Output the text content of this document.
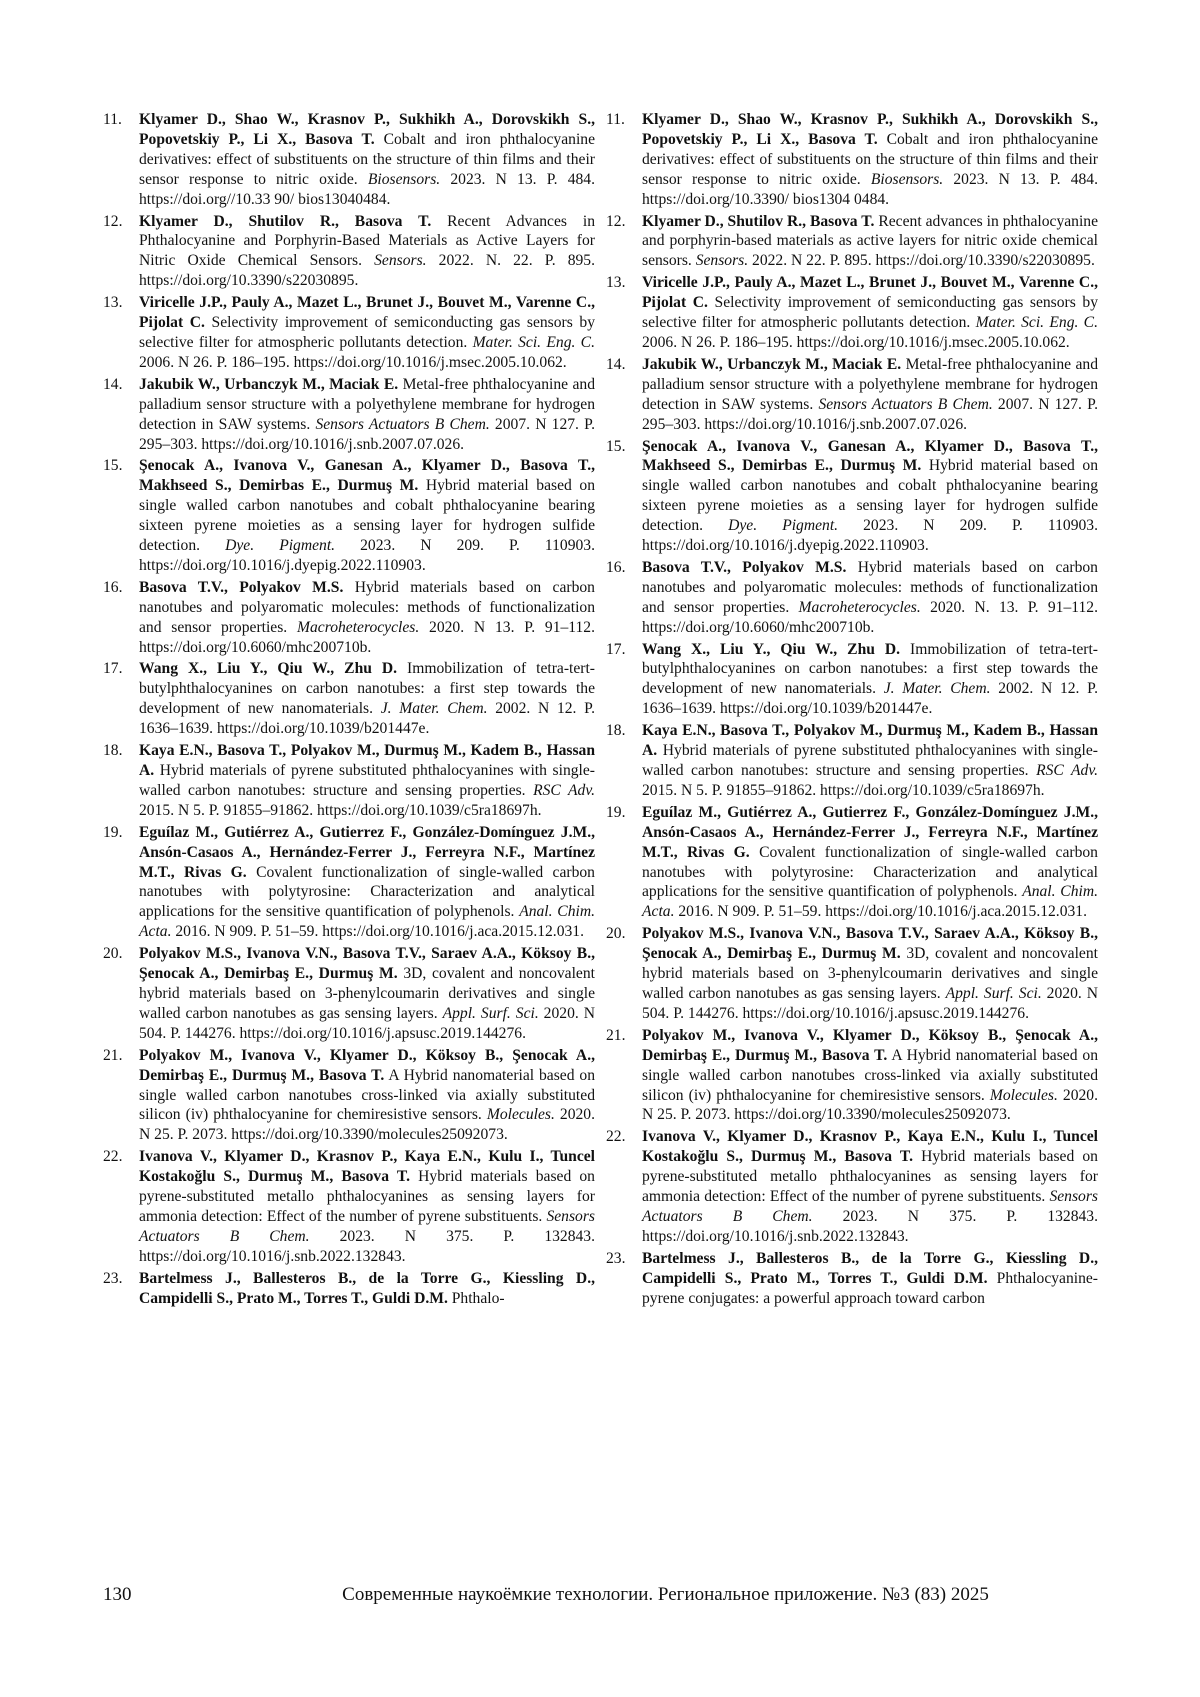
11. Klyamer D., Shao W., Krasnov P., Sukhikh A., Dorovskikh S., Popovetskiy P., Li X., Basova T. Cobalt and iron phthalocyanine derivatives: effect of substituents on the structure of thin films and their sensor response to nitric oxide. Biosensors. 2023. N 13. P. 484. https://doi.org//10.33 90/ bios13040484.
12. Klyamer D., Shutilov R., Basova T. Recent Advances in Phthalocyanine and Porphyrin-Based Materials as Active Layers for Nitric Oxide Chemical Sensors. Sensors. 2022. N. 22. P. 895. https://doi.org/10.3390/s22030895.
13. Viricelle J.P., Pauly A., Mazet L., Brunet J., Bouvet M., Varenne C., Pijolat C. Selectivity improvement of semiconducting gas sensors by selective filter for atmospheric pollutants detection. Mater. Sci. Eng. C. 2006. N 26. P. 186–195. https://doi.org/10.1016/j.msec.2005.10.062.
14. Jakubik W., Urbanczyk M., Maciak E. Metal-free phthalocyanine and palladium sensor structure with a polyethylene membrane for hydrogen detection in SAW systems. Sensors Actuators B Chem. 2007. N 127. P. 295–303. https://doi.org/10.1016/j.snb.2007.07.026.
15. Şenocak A., Ivanova V., Ganesan A., Klyamer D., Basova T., Makhseed S., Demirbas E., Durmuş M. Hybrid material based on single walled carbon nanotubes and cobalt phthalocyanine bearing sixteen pyrene moieties as a sensing layer for hydrogen sulfide detection. Dye. Pigment. 2023. N 209. P. 110903. https://doi.org/10.1016/j.dyepig.2022.110903.
16. Basova T.V., Polyakov M.S. Hybrid materials based on carbon nanotubes and polyaromatic molecules: methods of functionalization and sensor properties. Macroheterocycles. 2020. N 13. P. 91–112. https://doi.org/10.6060/mhc200710b.
17. Wang X., Liu Y., Qiu W., Zhu D. Immobilization of tetra-tert-butylphthalocyanines on carbon nanotubes: a first step towards the development of new nanomaterials. J. Mater. Chem. 2002. N 12. P. 1636–1639. https://doi.org/10.1039/b201447e.
18. Kaya E.N., Basova T., Polyakov M., Durmuş M., Kadem B., Hassan A. Hybrid materials of pyrene substituted phthalocyanines with single-walled carbon nanotubes: structure and sensing properties. RSC Adv. 2015. N 5. P. 91855–91862. https://doi.org/10.1039/c5ra18697h.
19. Eguílaz M., Gutiérrez A., Gutierrez F., González-Domínguez J.M., Ansón-Casaos A., Hernández-Ferrer J., Ferreyra N.F., Martínez M.T., Rivas G. Covalent functionalization of single-walled carbon nanotubes with polytyrosine: Characterization and analytical applications for the sensitive quantification of polyphenols. Anal. Chim. Acta. 2016. N 909. P. 51–59. https://doi.org/10.1016/j.aca.2015.12.031.
20. Polyakov M.S., Ivanova V.N., Basova T.V., Saraev A.A., Köksoy B., Şenocak A., Demirbaş E., Durmuş M. 3D, covalent and noncovalent hybrid materials based on 3-phenylcoumarin derivatives and single walled carbon nanotubes as gas sensing layers. Appl. Surf. Sci. 2020. N 504. P. 144276. https://doi.org/10.1016/j.apsusc.2019.144276.
21. Polyakov M., Ivanova V., Klyamer D., Köksoy B., Şenocak A., Demirbaş E., Durmuş M., Basova T. A Hybrid nanomaterial based on single walled carbon nanotubes cross-linked via axially substituted silicon (iv) phthalocyanine for chemiresistive sensors. Molecules. 2020. N 25. P. 2073. https://doi.org/10.3390/molecules25092073.
22. Ivanova V., Klyamer D., Krasnov P., Kaya E.N., Kulu I., Tuncel Kostakoğlu S., Durmuş M., Basova T. Hybrid materials based on pyrene-substituted metallo phthalocyanines as sensing layers for ammonia detection: Effect of the number of pyrene substituents. Sensors Actuators B Chem. 2023. N 375. P. 132843. https://doi.org/10.1016/j.snb.2022.132843.
23. Bartelmess J., Ballesteros B., de la Torre G., Kiessling D., Campidelli S., Prato M., Torres T., Guldi D.M. Phthalo-
11. Klyamer D., Shao W., Krasnov P., Sukhikh A., Dorovskikh S., Popovetskiy P., Li X., Basova T. Cobalt and iron phthalocyanine derivatives: effect of substituents on the structure of thin films and their sensor response to nitric oxide. Biosensors. 2023. N 13. P. 484. https://doi.org/10.3390/ bios1304 0484.
12. Klyamer D., Shutilov R., Basova T. Recent advances in phthalocyanine and porphyrin-based materials as active layers for nitric oxide chemical sensors. Sensors. 2022. N 22. P. 895. https://doi.org/10.3390/s22030895.
13. Viricelle J.P., Pauly A., Mazet L., Brunet J., Bouvet M., Varenne C., Pijolat C. Selectivity improvement of semiconducting gas sensors by selective filter for atmospheric pollutants detection. Mater. Sci. Eng. C. 2006. N 26. P. 186–195. https://doi.org/10.1016/j.msec.2005.10.062.
14. Jakubik W., Urbanczyk M., Maciak E. Metal-free phthalocyanine and palladium sensor structure with a polyethylene membrane for hydrogen detection in SAW systems. Sensors Actuators B Chem. 2007. N 127. P. 295–303. https://doi.org/10.1016/j.snb.2007.07.026.
15. Şenocak A., Ivanova V., Ganesan A., Klyamer D., Basova T., Makhseed S., Demirbas E., Durmuş M. Hybrid material based on single walled carbon nanotubes and cobalt phthalocyanine bearing sixteen pyrene moieties as a sensing layer for hydrogen sulfide detection. Dye. Pigment. 2023. N 209. P. 110903. https://doi.org/10.1016/j.dyepig.2022.110903.
16. Basova T.V., Polyakov M.S. Hybrid materials based on carbon nanotubes and polyaromatic molecules: methods of functionalization and sensor properties. Macroheterocycles. 2020. N. 13. P. 91–112. https://doi.org/10.6060/mhc200710b.
17. Wang X., Liu Y., Qiu W., Zhu D. Immobilization of tetra-tert-butylphthalocyanines on carbon nanotubes: a first step towards the development of new nanomaterials. J. Mater. Chem. 2002. N 12. P. 1636–1639. https://doi.org/10.1039/b201447e.
18. Kaya E.N., Basova T., Polyakov M., Durmuş M., Kadem B., Hassan A. Hybrid materials of pyrene substituted phthalocyanines with single-walled carbon nanotubes: structure and sensing properties. RSC Adv. 2015. N 5. P. 91855–91862. https://doi.org/10.1039/c5ra18697h.
19. Eguílaz M., Gutiérrez A., Gutierrez F., González-Domínguez J.M., Ansón-Casaos A., Hernández-Ferrer J., Ferreyra N.F., Martínez M.T., Rivas G. Covalent functionalization of single-walled carbon nanotubes with polytyrosine: Characterization and analytical applications for the sensitive quantification of polyphenols. Anal. Chim. Acta. 2016. N 909. P. 51–59. https://doi.org/10.1016/j.aca.2015.12.031.
20. Polyakov M.S., Ivanova V.N., Basova T.V., Saraev A.A., Köksoy B., Şenocak A., Demirbaş E., Durmuş M. 3D, covalent and noncovalent hybrid materials based on 3-phenylcoumarin derivatives and single walled carbon nanotubes as gas sensing layers. Appl. Surf. Sci. 2020. N 504. P. 144276. https://doi.org/10.1016/j.apsusc.2019.144276.
21. Polyakov M., Ivanova V., Klyamer D., Köksoy B., Şenocak A., Demirbaş E., Durmuş M., Basova T. A Hybrid nanomaterial based on single walled carbon nanotubes cross-linked via axially substituted silicon (iv) phthalocyanine for chemiresistive sensors. Molecules. 2020. N 25. P. 2073. https://doi.org/10.3390/molecules25092073.
22. Ivanova V., Klyamer D., Krasnov P., Kaya E.N., Kulu I., Tuncel Kostakoğlu S., Durmuş M., Basova T. Hybrid materials based on pyrene-substituted metallo phthalocyanines as sensing layers for ammonia detection: Effect of the number of pyrene substituents. Sensors Actuators B Chem. 2023. N 375. P. 132843. https://doi.org/10.1016/j.snb.2022.132843.
23. Bartelmess J., Ballesteros B., de la Torre G., Kiessling D., Campidelli S., Prato M., Torres T., Guldi D.M. Phthalocyanine-pyrene conjugates: a powerful approach toward carbon
130	Современные наукоёмкие технологии. Региональное приложение. №3 (83) 2025
